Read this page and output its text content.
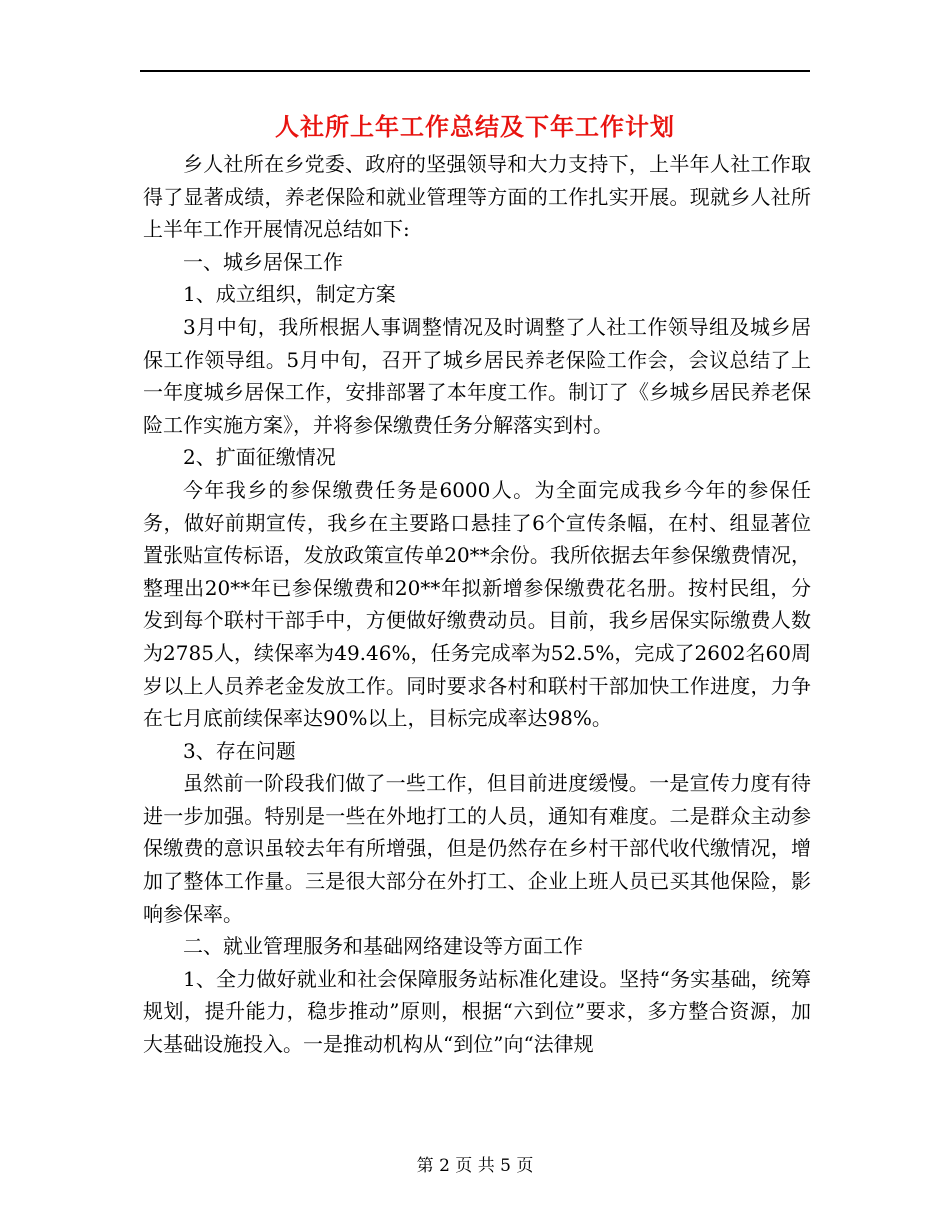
人社所上年工作总结及下年工作计划

乡人社所在乡党委、政府的坚强领导和大力支持下，上半年人社工作取得了显著成绩，养老保险和就业管理等方面的工作扎实开展。现就乡人社所上半年工作开展情况总结如下:

一、城乡居保工作

1、成立组织，制定方案

3月中旬，我所根据人事调整情况及时调整了人社工作领导组及城乡居保工作领导组。5月中旬，召开了城乡居民养老保险工作会，会议总结了上一年度城乡居保工作，安排部署了本年度工作。制订了《乡城乡居民养老保险工作实施方案》，并将参保缴费任务分解落实到村。

2、扩面征缴情况

今年我乡的参保缴费任务是6000人。为全面完成我乡今年的参保任务，做好前期宣传，我乡在主要路口悬挂了6个宣传条幅，在村、组显著位置张贴宣传标语，发放政策宣传单20**余份。我所依据去年参保缴费情况，整理出20**年已参保缴费和20**年拟新增参保缴费花名册。按村民组，分发到每个联村干部手中，方便做好缴费动员。目前，我乡居保实际缴费人数为2785人，续保率为49.46%，任务完成率为52.5%，完成了2602名60周岁以上人员养老金发放工作。同时要求各村和联村干部加快工作进度，力争在七月底前续保率达90%以上，目标完成率达98%。

3、存在问题

虽然前一阶段我们做了一些工作，但目前进度缓慢。一是宣传力度有待进一步加强。特别是一些在外地打工的人员，通知有难度。二是群众主动参保缴费的意识虽较去年有所增强，但是仍然存在乡村干部代收代缴情况，增加了整体工作量。三是很大部分在外打工、企业上班人员已买其他保险，影响参保率。

二、就业管理服务和基础网络建设等方面工作

1、全力做好就业和社会保障服务站标准化建设。坚持“务实基础，统筹规划，提升能力，稳步推动”原则，根据“六到位”要求，多方整合资源，加大基础设施投入。一是推动机构从“到位”向“法律规

第 2 页 共 5 页
